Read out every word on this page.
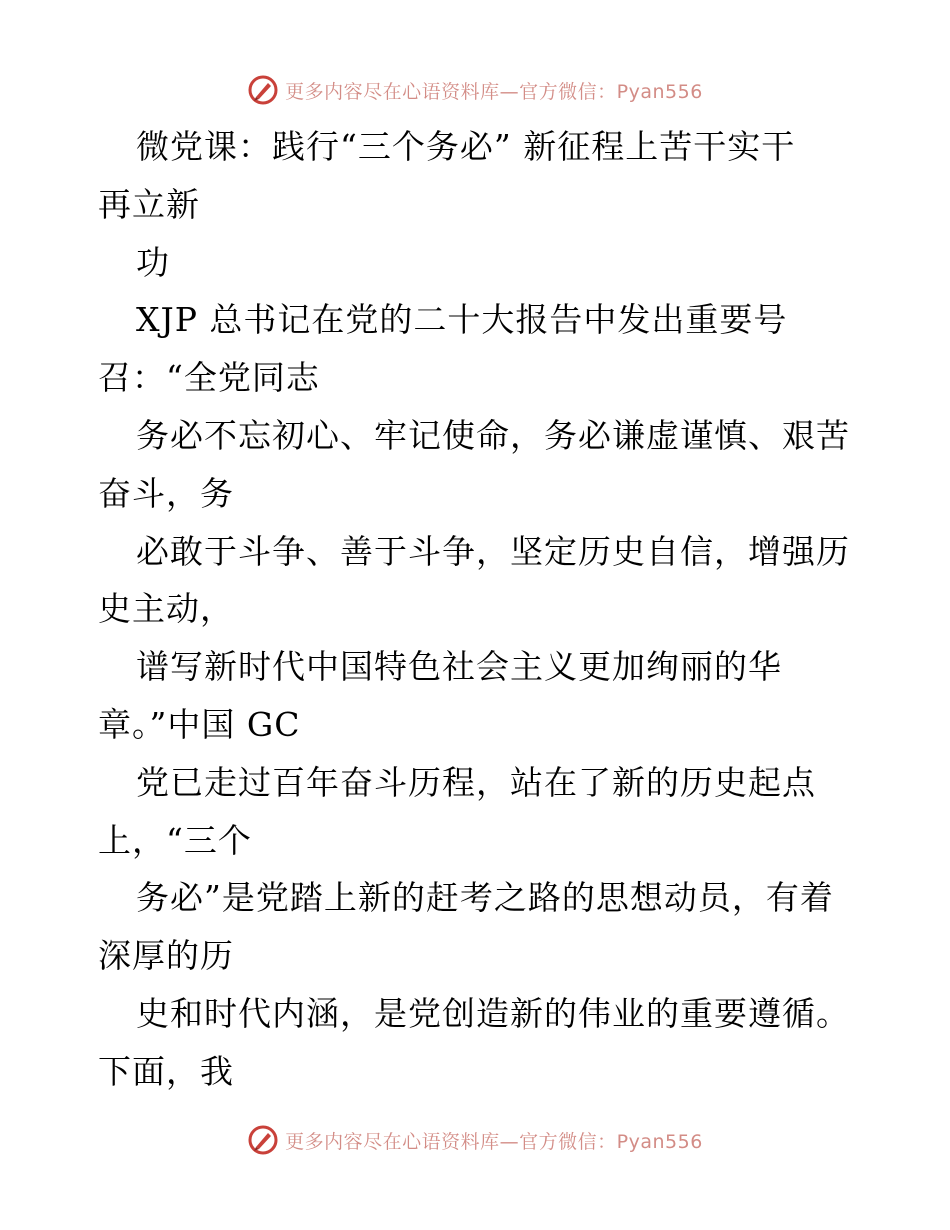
更多内容尽在心语资料库—官方微信：Pyan556
微党课：践行“三个务必” 新征程上苦干实干
再立新
功
XJP 总书记在党的二十大报告中发出重要号
召：“全党同志
务必不忘初心、牢记使命，务必谦虚谨慎、艰苦
奋斗，务
必敢于斗争、善于斗争，坚定历史自信，增强历
史主动，
谱写新时代中国特色社会主义更加绚丽的华
章。”中国 GC
党已走过百年奋斗历程，站在了新的历史起点
上，“三个
务必”是党踏上新的赶考之路的思想动员，有着
深厚的历
史和时代内涵，是党创造新的伟业的重要遵循。
下面，我
更多内容尽在心语资料库—官方微信：Pyan556
